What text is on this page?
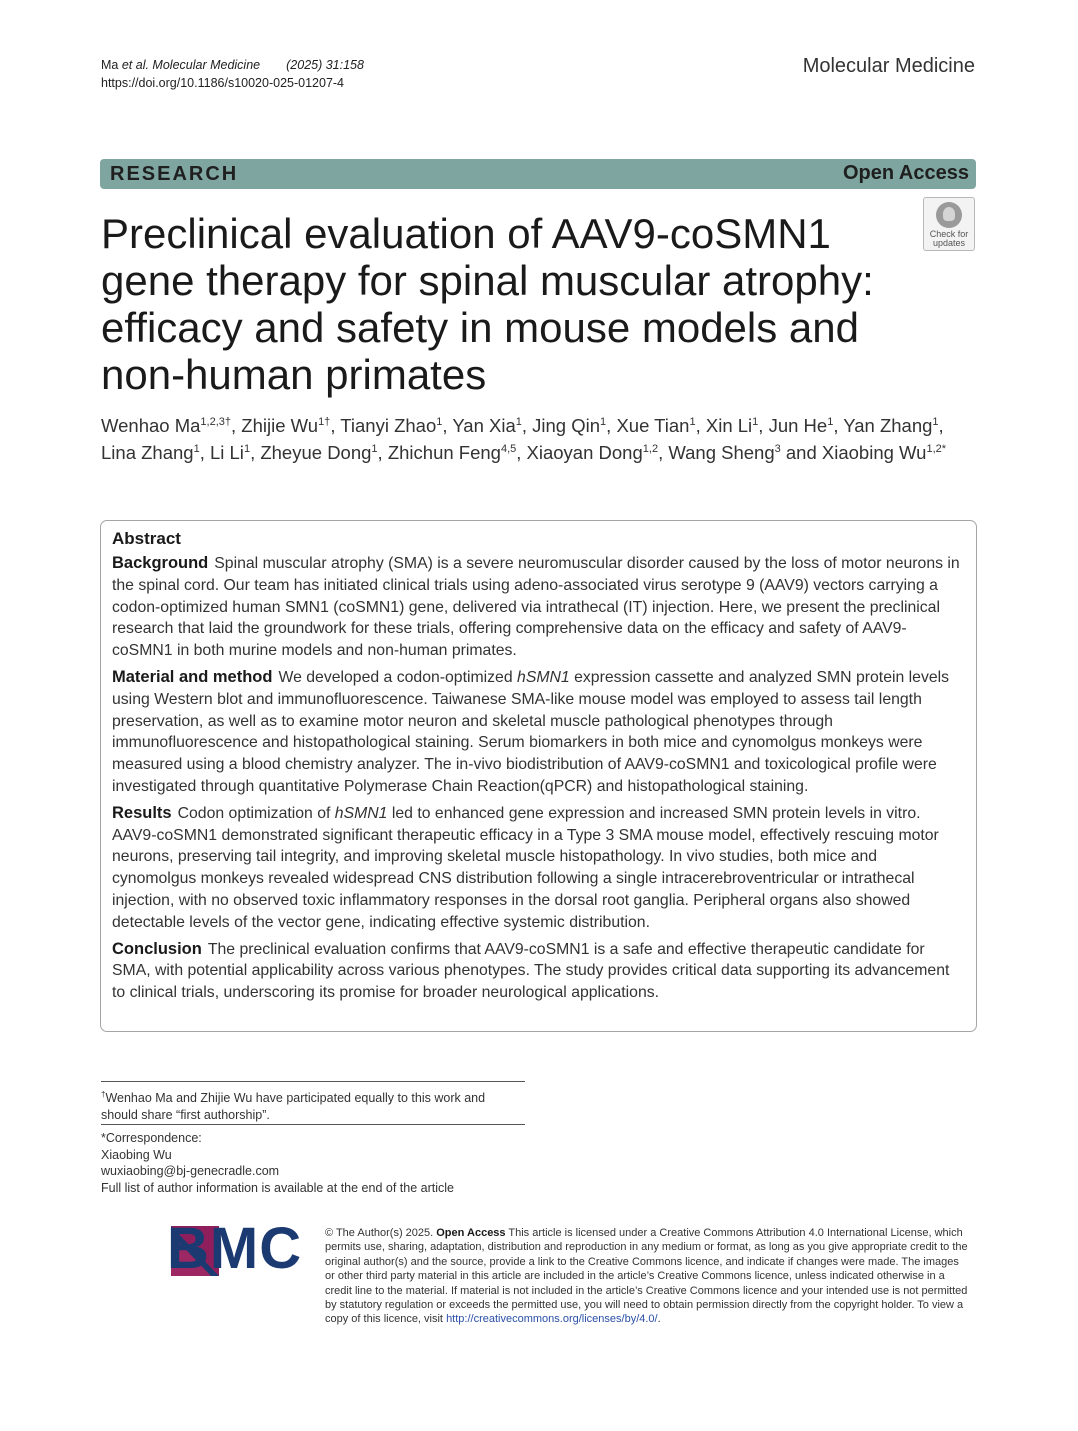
Ma et al. Molecular Medicine (2025) 31:158
https://doi.org/10.1186/s10020-025-01207-4
Molecular Medicine
RESEARCH	Open Access
Check for
updates
Preclinical evaluation of AAV9-coSMN1 gene therapy for spinal muscular atrophy: efficacy and safety in mouse models and non-human primates
Wenhao $Ma^{1,2,3\dagger}$, Zhijie $Wu^{1\dagger}$, Tianyi Zhao$^1$, Yan Xia$^1$, Jing Qin$^1$, Xue Tian$^1$, Xin Li$^1$, Jun He$^1$, Yan Zhang$^1$,
Lina Zhang$^1$, Li Li$^1$, Zheyue Dong$^1$, Zhichun Feng$^{4,5}$, Xiaoyan Dong$^{1,2}$, Wang Sheng$^3$ and Xiaobing $Wu^{1,2*}$
Abstract

Background Spinal muscular atrophy (SMA) is a severe neuromuscular disorder caused by the loss of motor neurons in the spinal cord. Our team has initiated clinical trials using adeno-associated virus serotype 9 (AAV9) vectors carrying a codon-optimized human SMN1 (coSMN1) gene, delivered via intrathecal (IT) injection. Here, we present the preclinical research that laid the groundwork for these trials, offering comprehensive data on the efficacy and safety of AAV9-coSMN1 in both murine models and non-human primates.

Material and method We developed a codon-optimized hSMN1 expression cassette and analyzed SMN protein levels using Western blot and immunofluorescence. Taiwanese SMA-like mouse model was employed to assess tail length preservation, as well as to examine motor neuron and skeletal muscle pathological phenotypes through immunofluorescence and histopathological staining. Serum biomarkers in both mice and cynomolgus monkeys were measured using a blood chemistry analyzer. The in-vivo biodistribution of AAV9-coSMN1 and toxicological profile were investigated through quantitative Polymerase Chain Reaction(qPCR) and histopathological staining.

Results Codon optimization of hSMN1 led to enhanced gene expression and increased SMN protein levels in vitro. AAV9-coSMN1 demonstrated significant therapeutic efficacy in a Type 3 SMA mouse model, effectively rescuing motor neurons, preserving tail integrity, and improving skeletal muscle histopathology. In vivo studies, both mice and cynomolgus monkeys revealed widespread CNS distribution following a single intracerebroventricular or intrathecal injection, with no observed toxic inflammatory responses in the dorsal root ganglia. Peripheral organs also showed detectable levels of the vector gene, indicating effective systemic distribution.

Conclusion The preclinical evaluation confirms that AAV9-coSMN1 is a safe and effective therapeutic candidate for SMA, with potential applicability across various phenotypes. The study provides critical data supporting its advancement to clinical trials, underscoring its promise for broader neurological applications.

†Wenhao Ma and Zhijie Wu have participated equally to this work and should share “first authorship”.
*Correspondence:
Xiaobing Wu
wuxiaobing@bj-genecradle.com
Full list of author information is available at the end of the article
BMC © The Author(s) 2025. Open Access This article is licensed under a Creative Commons Attribution 4.0 International License, which permits use, sharing, adaptation, distribution and reproduction in any medium or format, as long as you give appropriate credit to the original author(s) and the source, provide a link to the Creative Commons licence, and indicate if changes were made. The images or other third party material in this article are included in the article’s Creative Commons licence, unless indicated otherwise in a credit line to the material. If material is not included in the article’s Creative Commons licence and your intended use is not permitted by statutory regulation or exceeds the permitted use, you will need to obtain permission directly from the copyright holder. To view a copy of this licence, visit http://creativecommons.org/licenses/by/4.0/.
